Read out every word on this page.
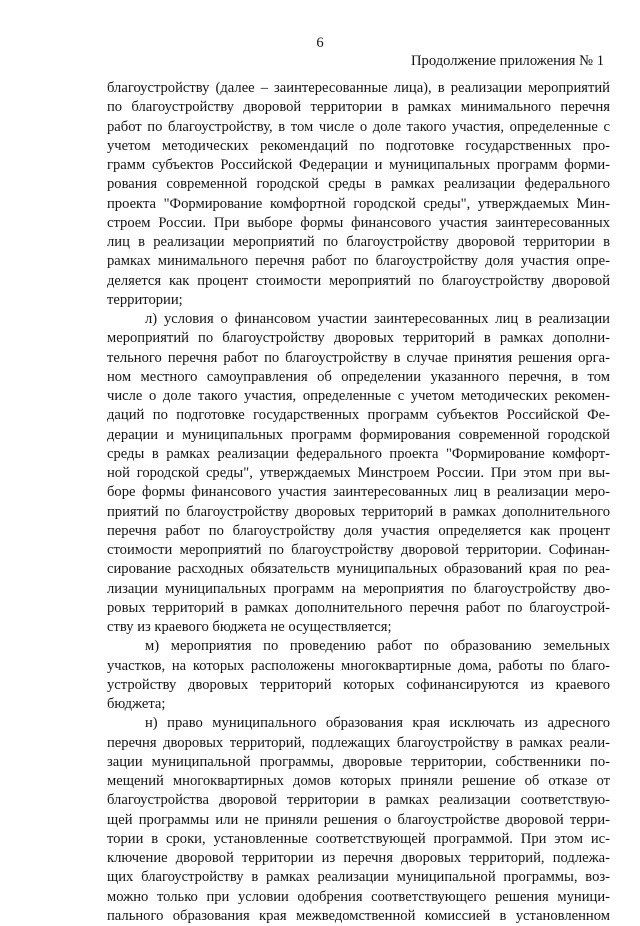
6
Продолжение приложения № 1
благоустройству (далее – заинтересованные лица), в реализации мероприятий
по благоустройству дворовой территории в рамках минимального перечня
работ по благоустройству, в том числе о доле такого участия, определенные с
учетом методических рекомендаций по подготовке государственных про-
грамм субъектов Российской Федерации и муниципальных программ форми-
рования современной городской среды в рамках реализации федерального
проекта "Формирование комфортной городской среды", утверждаемых Мин-
строем России. При выборе формы финансового участия заинтересованных
лиц в реализации мероприятий по благоустройству дворовой территории в
рамках минимального перечня работ по благоустройству доля участия опре-
деляется как процент стоимости мероприятий по благоустройству дворовой
территории;
л) условия о финансовом участии заинтересованных лиц в реализации
мероприятий по благоустройству дворовых территорий в рамках дополни-
тельного перечня работ по благоустройству в случае принятия решения орга-
ном местного самоуправления об определении указанного перечня, в том
числе о доле такого участия, определенные с учетом методических рекомен-
даций по подготовке государственных программ субъектов Российской Фе-
дерации и муниципальных программ формирования современной городской
среды в рамках реализации федерального проекта "Формирование комфорт-
ной городской среды", утверждаемых Минстроем России. При этом при вы-
боре формы финансового участия заинтересованных лиц в реализации меро-
приятий по благоустройству дворовых территорий в рамках дополнительного
перечня работ по благоустройству доля участия определяется как процент
стоимости мероприятий по благоустройству дворовой территории. Софинан-
сирование расходных обязательств муниципальных образований края по реа-
лизации муниципальных программ на мероприятия по благоустройству дво-
ровых территорий в рамках дополнительного перечня работ по благоустрой-
ству из краевого бюджета не осуществляется;
м) мероприятия по проведению работ по образованию земельных
участков, на которых расположены многоквартирные дома, работы по благо-
устройству дворовых территорий которых софинансируются из краевого
бюджета;
н) право муниципального образования края исключать из адресного
перечня дворовых территорий, подлежащих благоустройству в рамках реали-
зации муниципальной программы, дворовые территории, собственники по-
мещений многоквартирных домов которых приняли решение об отказе от
благоустройства дворовой территории в рамках реализации соответствую-
щей программы или не приняли решения о благоустройстве дворовой терри-
тории в сроки, установленные соответствующей программой. При этом ис-
ключение дворовой территории из перечня дворовых территорий, подлежа-
щих благоустройству в рамках реализации муниципальной программы, воз-
можно только при условии одобрения соответствующего решения муници-
пального образования края межведомственной комиссией в установленном
